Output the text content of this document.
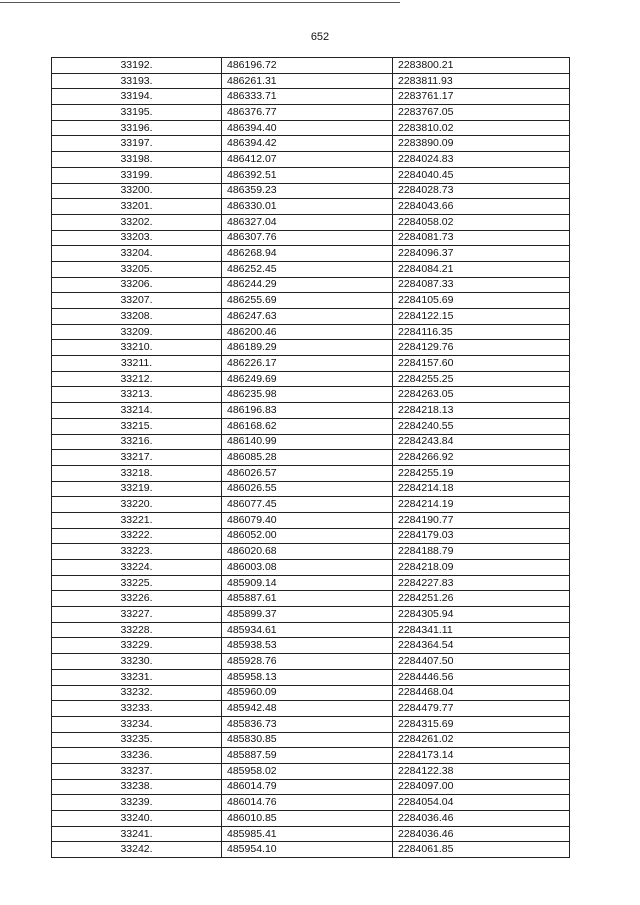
652
33192.	486196.72	2283800.21
33193.	486261.31	2283811.93
33194.	486333.71	2283761.17
33195.	486376.77	2283767.05
33196.	486394.40	2283810.02
33197.	486394.42	2283890.09
33198.	486412.07	2284024.83
33199.	486392.51	2284040.45
33200.	486359.23	2284028.73
33201.	486330.01	2284043.66
33202.	486327.04	2284058.02
33203.	486307.76	2284081.73
33204.	486268.94	2284096.37
33205.	486252.45	2284084.21
33206.	486244.29	2284087.33
33207.	486255.69	2284105.69
33208.	486247.63	2284122.15
33209.	486200.46	2284116.35
33210.	486189.29	2284129.76
33211.	486226.17	2284157.60
33212.	486249.69	2284255.25
33213.	486235.98	2284263.05
33214.	486196.83	2284218.13
33215.	486168.62	2284240.55
33216.	486140.99	2284243.84
33217.	486085.28	2284266.92
33218.	486026.57	2284255.19
33219.	486026.55	2284214.18
33220.	486077.45	2284214.19
33221.	486079.40	2284190.77
33222.	486052.00	2284179.03
33223.	486020.68	2284188.79
33224.	486003.08	2284218.09
33225.	485909.14	2284227.83
33226.	485887.61	2284251.26
33227.	485899.37	2284305.94
33228.	485934.61	2284341.11
33229.	485938.53	2284364.54
33230.	485928.76	2284407.50
33231.	485958.13	2284446.56
33232.	485960.09	2284468.04
33233.	485942.48	2284479.77
33234.	485836.73	2284315.69
33235.	485830.85	2284261.02
33236.	485887.59	2284173.14
33237.	485958.02	2284122.38
33238.	486014.79	2284097.00
33239.	486014.76	2284054.04
33240.	486010.85	2284036.46
33241.	485985.41	2284036.46
33242.	485954.10	2284061.85
